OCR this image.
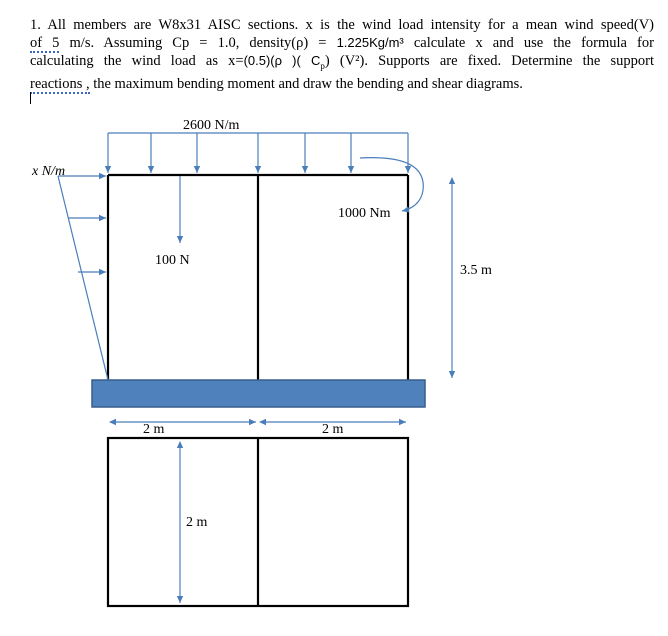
1. All members are W8x31 AISC sections. x is the wind load intensity for a mean wind speed(V)
of 5 m/s. Assuming Cp = 1.0, density(ρ) = 1.225Kg/m³ calculate x and use the formula for
calculating the wind load as x=(0.5)(ρ )( $C_p$) (V²). Supports are fixed. Determine the support
reactions , the maximum bending moment and draw the bending and shear diagrams.
2600 N/m
x N/m
100 N
1000 Nm
3.5 m
2 m	2 m
2 m
